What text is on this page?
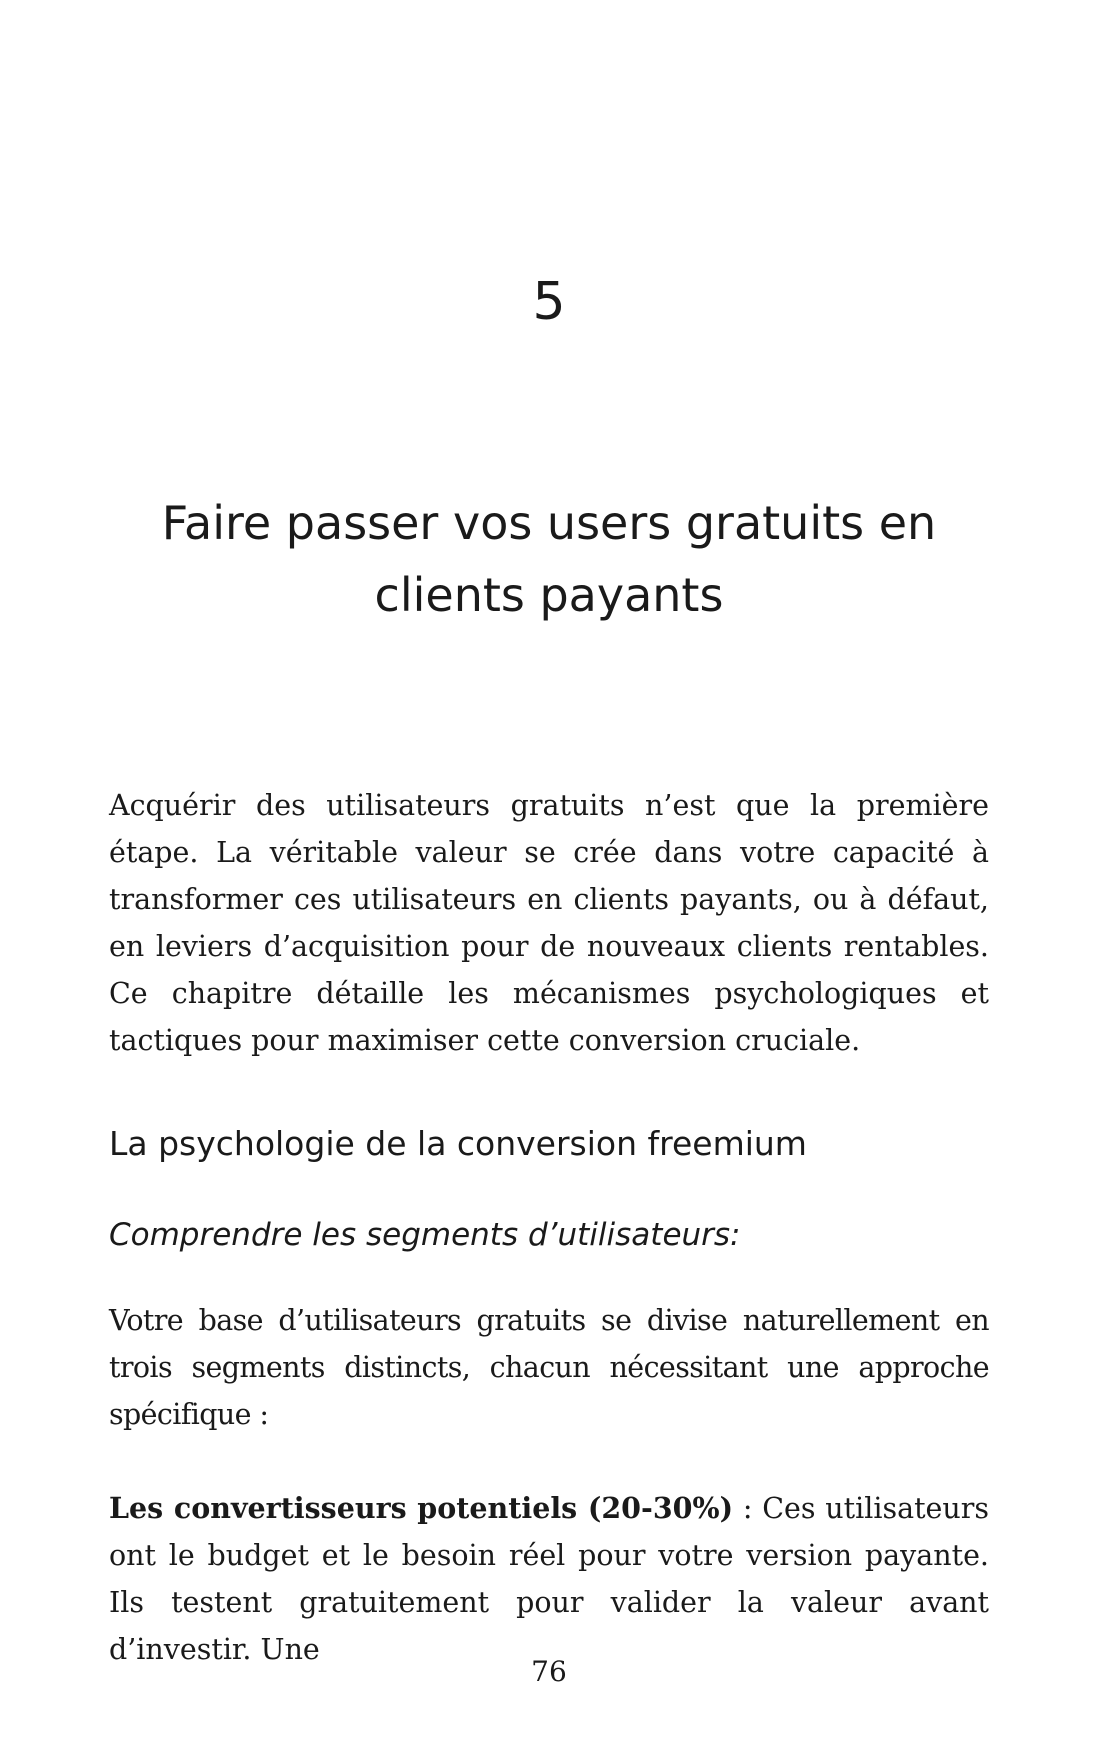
5
Faire passer vos users gratuits en clients payants

Acquérir des utilisateurs gratuits n’est que la première étape. La véritable valeur se crée dans votre capacité à transformer ces utilisateurs en clients payants, ou à défaut, en leviers d’acquisition pour de nouveaux clients rentables. Ce chapitre détaille les mécanismes psychologiques et tactiques pour maximiser cette conversion cruciale.

La psychologie de la conversion freemium
Comprendre les segments d’utilisateurs:

Votre base d’utilisateurs gratuits se divise naturellement en trois segments distincts, chacun nécessitant une approche spécifique :

Les convertisseurs potentiels (20-30%) : Ces utilisateurs ont le budget et le besoin réel pour votre version payante. Ils testent gratuitement pour valider la valeur avant d’investir. Une

76
